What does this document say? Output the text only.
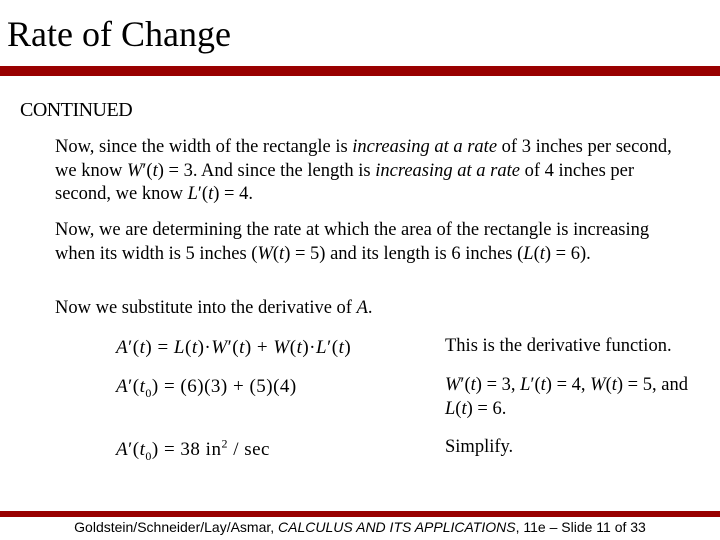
Rate of Change
CONTINUED
Now, since the width of the rectangle is increasing at a rate of 3 inches per second, we know W′(t) = 3. And since the length is increasing at a rate of 4 inches per second, we know L′(t) = 4.
Now, we are determining the rate at which the area of the rectangle is increasing when its width is 5 inches (W(t) = 5) and its length is 6 inches (L(t) = 6).
Now we substitute into the derivative of A.
A′(t) = L(t)·W′(t) + W(t)·L′(t)
$A'(t_0) = (6)(3) + (5)(4)$
$A'(t_0) = 38$ $in^2$ / sec
This is the derivative function.
W′(t) = 3, L′(t) = 4, W(t) = 5, and L(t) = 6.
Simplify.
Goldstein/Schneider/Lay/Asmar, CALCULUS AND ITS APPLICATIONS, 11e – Slide 11 of 33
